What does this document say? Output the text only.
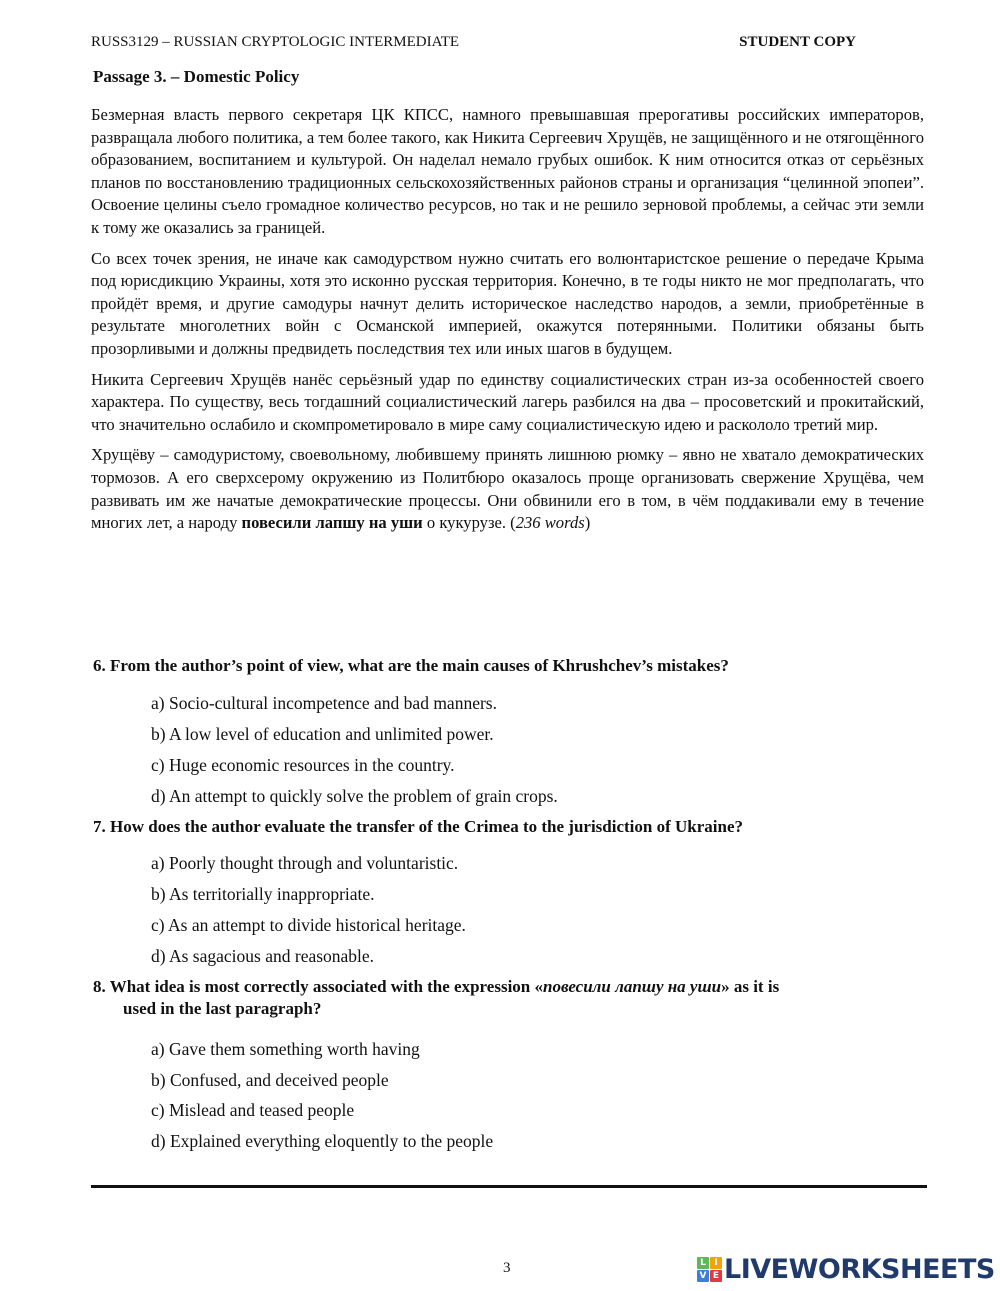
RUSS3129 – RUSSIAN CRYPTOLOGIC INTERMEDIATE	STUDENT COPY
Passage 3. – Domestic Policy

Безмерная власть первого секретаря ЦК КПСС, намного превышавшая прерогативы российских императоров, развращала любого политика, а тем более такого, как Никита Сергеевич Хрущёв, не защищённого и не отягощённого образованием, воспитанием и культурой. Он наделал немало грубых ошибок. К ним относится отказ от серьёзных планов по восстановлению традиционных сельскохозяйственных районов страны и организация “целинной эпопеи”. Освоение целины съело громадное количество ресурсов, но так и не решило зерновой проблемы, а сейчас эти земли к тому же оказались за границей.

Со всех точек зрения, не иначе как самодурством нужно считать его волюнтаристское решение о передаче Крыма под юрисдикцию Украины, хотя это исконно русская территория. Конечно, в те годы никто не мог предполагать, что пройдёт время, и другие самодуры начнут делить историческое наследство народов, а земли, приобретённые в результате многолетних войн с Османской империей, окажутся потерянными. Политики обязаны быть прозорливыми и должны предвидеть последствия тех или иных шагов в будущем.

Никита Сергеевич Хрущёв нанёс серьёзный удар по единству социалистических стран из-за особенностей своего характера. По существу, весь тогдашний социалистический лагерь разбился на два – просоветский и прокитайский, что значительно ослабило и скомпрометировало в мире саму социалистическую идею и раскололо третий мир.

Хрущёву – самодуристому, своевольному, любившему принять лишнюю рюмку – явно не хватало демократических тормозов. А его сверхсерому окружению из Политбюро оказалось проще организовать свержение Хрущёва, чем развивать им же начатые демократические процессы. Они обвинили его в том, в чём поддакивали ему в течение многих лет, а народу повесили лапшу на уши о кукурузе. (236 words)

6. From the author’s point of view, what are the main causes of Khrushchev’s mistakes?
a) Socio-cultural incompetence and bad manners.
b) A low level of education and unlimited power.
c) Huge economic resources in the country.
d) An attempt to quickly solve the problem of grain crops.
7. How does the author evaluate the transfer of the Crimea to the jurisdiction of Ukraine?
a) Poorly thought through and voluntaristic.
b) As territorially inappropriate.
c) As an attempt to divide historical heritage.
d) As sagacious and reasonable.
8. What idea is most correctly associated with the expression «повесили лапшу на уши» as it is
used in the last paragraph?
a) Gave them something worth having
b) Confused, and deceived people
c) Mislead and teased people
d) Explained everything eloquently to the people
3	L I
V E LIVEWORKSHEETS
